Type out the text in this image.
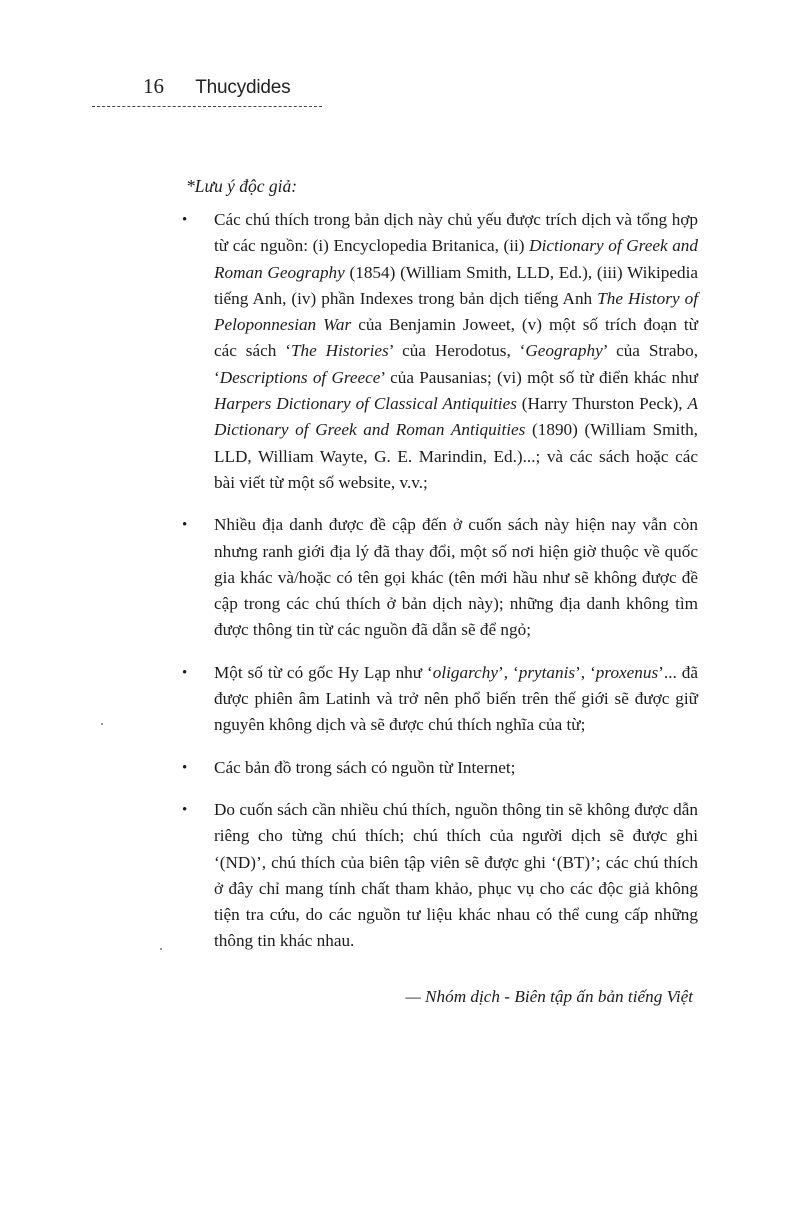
16 Thucydides
*Lưu ý độc giả:
• Các chú thích trong bản dịch này chủ yếu được trích dịch và tổng hợp từ các nguồn: (i) Encyclopedia Britanica, (ii) Dictionary of Greek and Roman Geography (1854) (William Smith, LLD, Ed.), (iii) Wikipedia tiếng Anh, (iv) phần Indexes trong bản dịch tiếng Anh The History of Peloponnesian War của Benjamin Joweet, (v) một số trích đoạn từ các sách ‘The Histories’ của Herodotus, ‘Geography’ của Strabo, ‘Descriptions of Greece’ của Pausanias; (vi) một số từ điển khác như Harpers Dictionary of Classical Antiquities (Harry Thurston Peck), A Dictionary of Greek and Roman Antiquities (1890) (William Smith, LLD, William Wayte, G. E. Marindin, Ed.)...; và các sách hoặc các bài viết từ một số website, v.v.;
• Nhiều địa danh được đề cập đến ở cuốn sách này hiện nay vẫn còn nhưng ranh giới địa lý đã thay đổi, một số nơi hiện giờ thuộc về quốc gia khác và/hoặc có tên gọi khác (tên mới hầu như sẽ không được đề cập trong các chú thích ở bản dịch này); những địa danh không tìm được thông tin từ các nguồn đã dẫn sẽ để ngỏ;
• Một số từ có gốc Hy Lạp như ‘oligarchy’, ‘prytanis’, ‘proxenus’... đã được phiên âm Latinh và trở nên phổ biến trên thế giới sẽ được giữ nguyên không dịch và sẽ được chú thích nghĩa của từ;
• Các bản đồ trong sách có nguồn từ Internet;
• Do cuốn sách cần nhiều chú thích, nguồn thông tin sẽ không được dẫn riêng cho từng chú thích; chú thích của người dịch sẽ được ghi ‘(ND)’, chú thích của biên tập viên sẽ được ghi ‘(BT)’; các chú thích ở đây chỉ mang tính chất tham khảo, phục vụ cho các độc giả không tiện tra cứu, do các nguồn tư liệu khác nhau có thể cung cấp những thông tin khác nhau.
— Nhóm dịch - Biên tập ấn bản tiếng Việt
